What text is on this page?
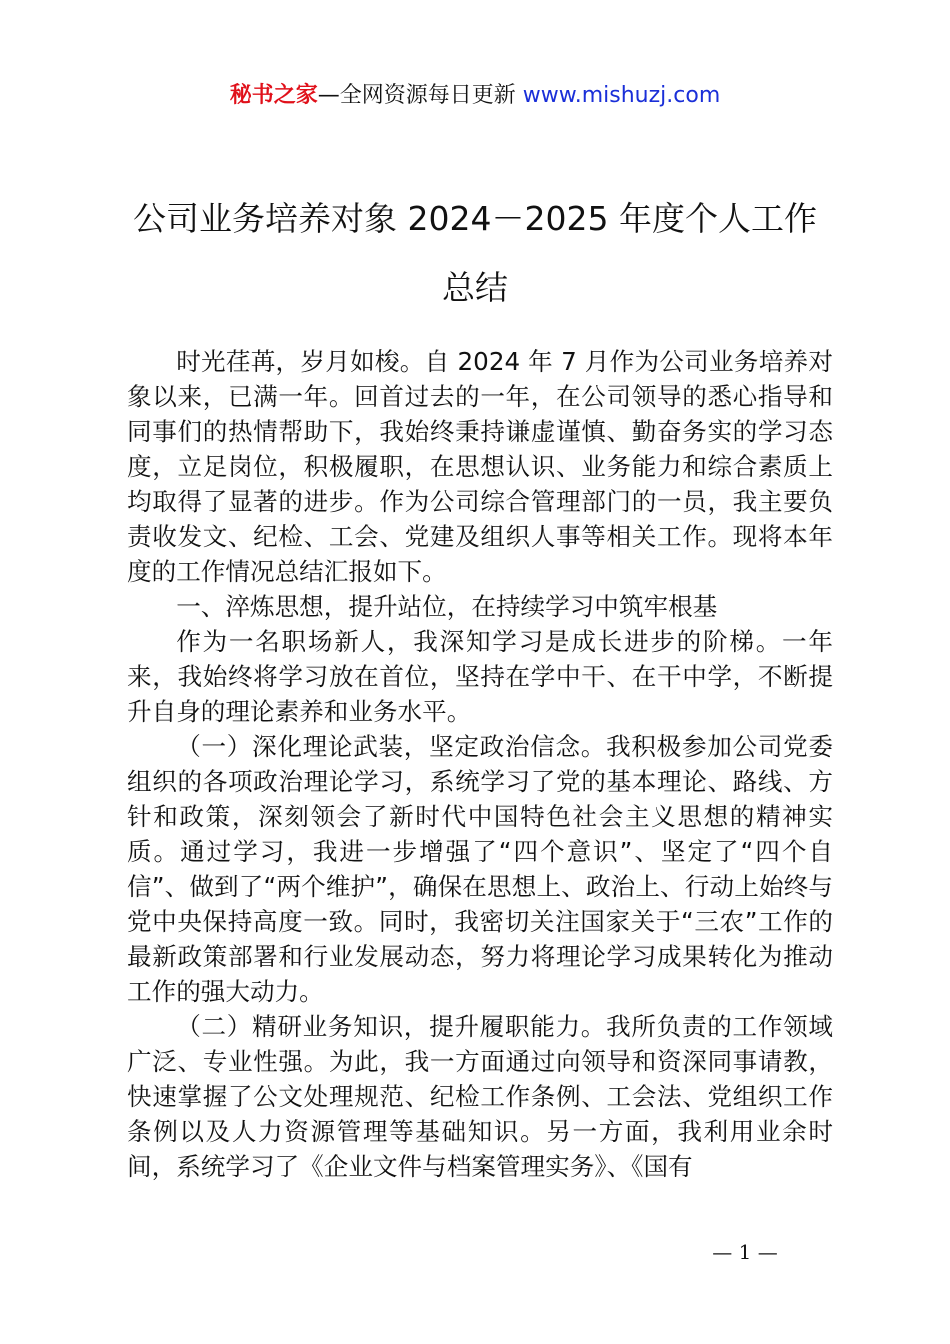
秘书之家—全网资源每日更新 www.mishuzj.com
公司业务培养对象 2024－2025 年度个人工作
总结

时光荏苒，岁月如梭。自 2024 年 7 月作为公司业务培养对象以来，已满一年。回首过去的一年，在公司领导的悉心指导和同事们的热情帮助下，我始终秉持谦虚谨慎、勤奋务实的学习态度，立足岗位，积极履职，在思想认识、业务能力和综合素质上均取得了显著的进步。作为公司综合管理部门的一员，我主要负责收发文、纪检、工会、党建及组织人事等相关工作。现将本年度的工作情况总结汇报如下。

一、淬炼思想，提升站位，在持续学习中筑牢根基

作为一名职场新人，我深知学习是成长进步的阶梯。一年来，我始终将学习放在首位，坚持在学中干、在干中学，不断提升自身的理论素养和业务水平。

（一）深化理论武装，坚定政治信念。我积极参加公司党委组织的各项政治理论学习，系统学习了党的基本理论、路线、方针和政策，深刻领会了新时代中国特色社会主义思想的精神实质。通过学习，我进一步增强了“四个意识”、坚定了“四个自信”、做到了“两个维护”，确保在思想上、政治上、行动上始终与党中央保持高度一致。同时，我密切关注国家关于“三农”工作的最新政策部署和行业发展动态，努力将理论学习成果转化为推动工作的强大动力。

（二）精研业务知识，提升履职能力。我所负责的工作领域广泛、专业性强。为此，我一方面通过向领导和资深同事请教，快速掌握了公文处理规范、纪检工作条例、工会法、党组织工作条例以及人力资源管理等基础知识。另一方面，我利用业余时间，系统学习了《企业文件与档案管理实务》、《国有

— 1 —
